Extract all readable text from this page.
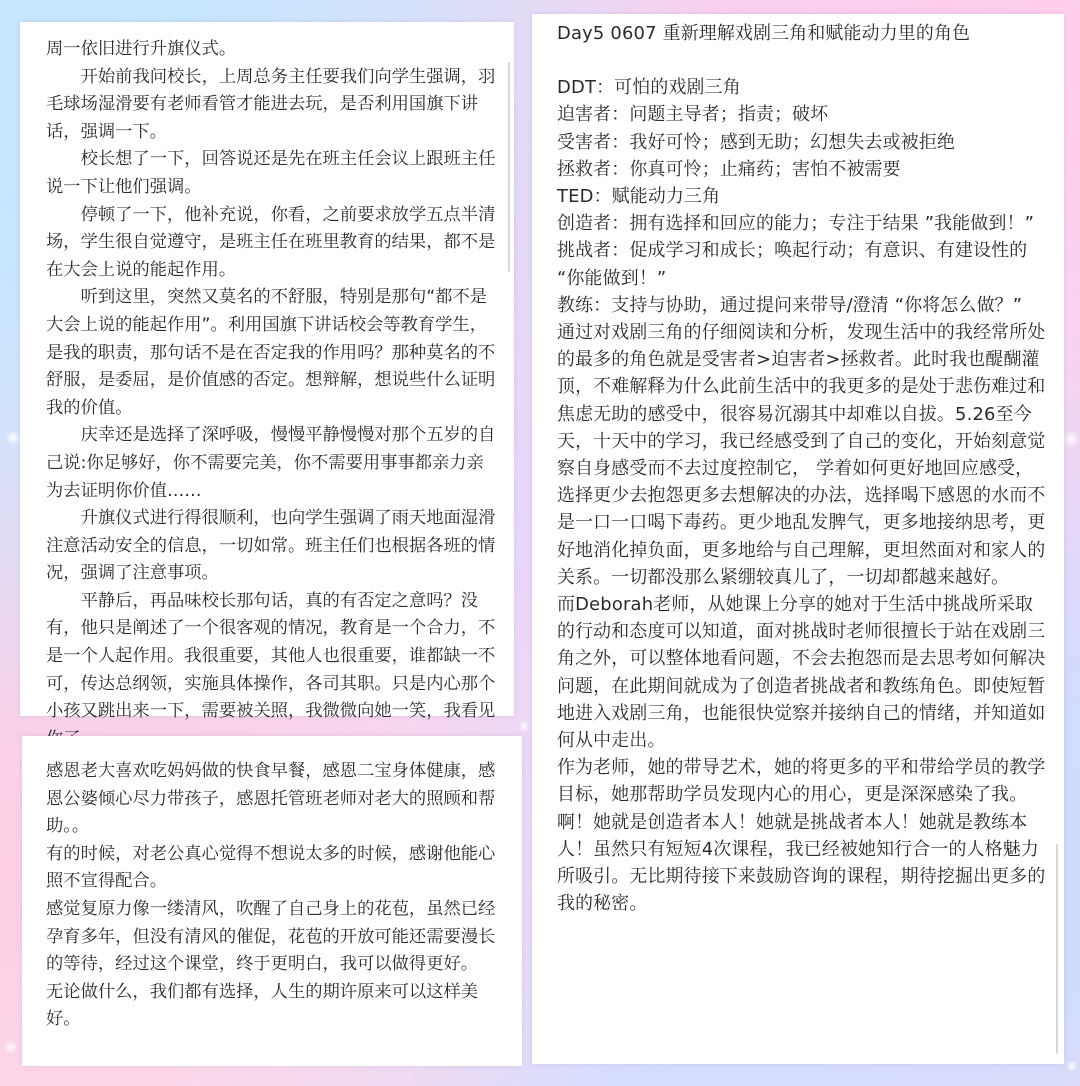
周一依旧进行升旗仪式。

开始前我问校长，上周总务主任要我们向学生强调，羽毛球场湿滑要有老师看管才能进去玩，是否利用国旗下讲话，强调一下。

校长想了一下，回答说还是先在班主任会议上跟班主任说一下让他们强调。

停顿了一下，他补充说，你看，之前要求放学五点半清场，学生很自觉遵守，是班主任在班里教育的结果，都不是在大会上说的能起作用。

听到这里，突然又莫名的不舒服，特别是那句“都不是大会上说的能起作用”。利用国旗下讲话校会等教育学生，是我的职责，那句话不是在否定我的作用吗？那种莫名的不舒服，是委屈，是价值感的否定。想辩解，想说些什么证明我的价值。

庆幸还是选择了深呼吸，慢慢平静慢慢对那个五岁的自己说:你足够好，你不需要完美，你不需要用事事都亲力亲为去证明你价值……

升旗仪式进行得很顺利，也向学生强调了雨天地面湿滑注意活动安全的信息，一切如常。班主任们也根据各班的情况，强调了注意事项。

平静后，再品味校长那句话，真的有否定之意吗？没有，他只是阐述了一个很客观的情况，教育是一个合力，不是一个人起作用。我很重要，其他人也很重要，谁都缺一不可，传达总纲领，实施具体操作，各司其职。只是内心那个小孩又跳出来一下，需要被关照，我微微向她一笑，我看见

感恩老大喜欢吃妈妈做的快食早餐，感恩二宝身体健康，感恩公婆倾心尽力带孩子，感恩托管班老师对老大的照顾和帮助。。

有的时候，对老公真心觉得不想说太多的时候，感谢他能心照不宣得配合。

感觉复原力像一缕清风，吹醒了自己身上的花苞，虽然已经孕育多年，但没有清风的催促，花苞的开放可能还需要漫长的等待，经过这个课堂，终于更明白，我可以做得更好。

无论做什么，我们都有选择，人生的期许原来可以这样美好。

Day5 0607 重新理解戏剧三角和赋能动力里的角色

DDT：可怕的戏剧三角

迫害者：问题主导者；指责；破坏

受害者：我好可怜；感到无助；幻想失去或被拒绝

拯救者：你真可怜；止痛药；害怕不被需要

TED：赋能动力三角

创造者：拥有选择和回应的能力；专注于结果 ”我能做到！”

挑战者：促成学习和成长；唤起行动；有意识、有建设性的 “你能做到！”

教练：支持与协助，通过提问来带导/澄清 “你将怎么做？”

通过对戏剧三角的仔细阅读和分析，发现生活中的我经常所处的最多的角色就是受害者>迫害者>拯救者。此时我也醍醐灌顶，不难解释为什么此前生活中的我更多的是处于悲伤难过和焦虑无助的感受中，很容易沉溺其中却难以自拔。5.26至今天，十天中的学习，我已经感受到了自己的变化，开始刻意觉察自身感受而不去过度控制它， 学着如何更好地回应感受，选择更少去抱怨更多去想解决的办法，选择喝下感恩的水而不是一口一口喝下毒药。更少地乱发脾气，更多地接纳思考，更好地消化掉负面，更多地给与自己理解，更坦然面对和家人的关系。一切都没那么紧绷较真儿了，一切却都越来越好。

而Deborah老师，从她课上分享的她对于生活中挑战所采取的行动和态度可以知道，面对挑战时老师很擅长于站在戏剧三角之外，可以整体地看问题，不会去抱怨而是去思考如何解决问题，在此期间就成为了创造者挑战者和教练角色。即使短暂地进入戏剧三角，也能很快觉察并接纳自己的情绪，并知道如何从中走出。

作为老师，她的带导艺术，她的将更多的平和带给学员的教学目标，她那帮助学员发现内心的用心，更是深深感染了我。啊！她就是创造者本人！她就是挑战者本人！她就是教练本人！虽然只有短短4次课程，我已经被她知行合一的人格魅力所吸引。无比期待接下来鼓励咨询的课程，期待挖掘出更多的我的秘密。
